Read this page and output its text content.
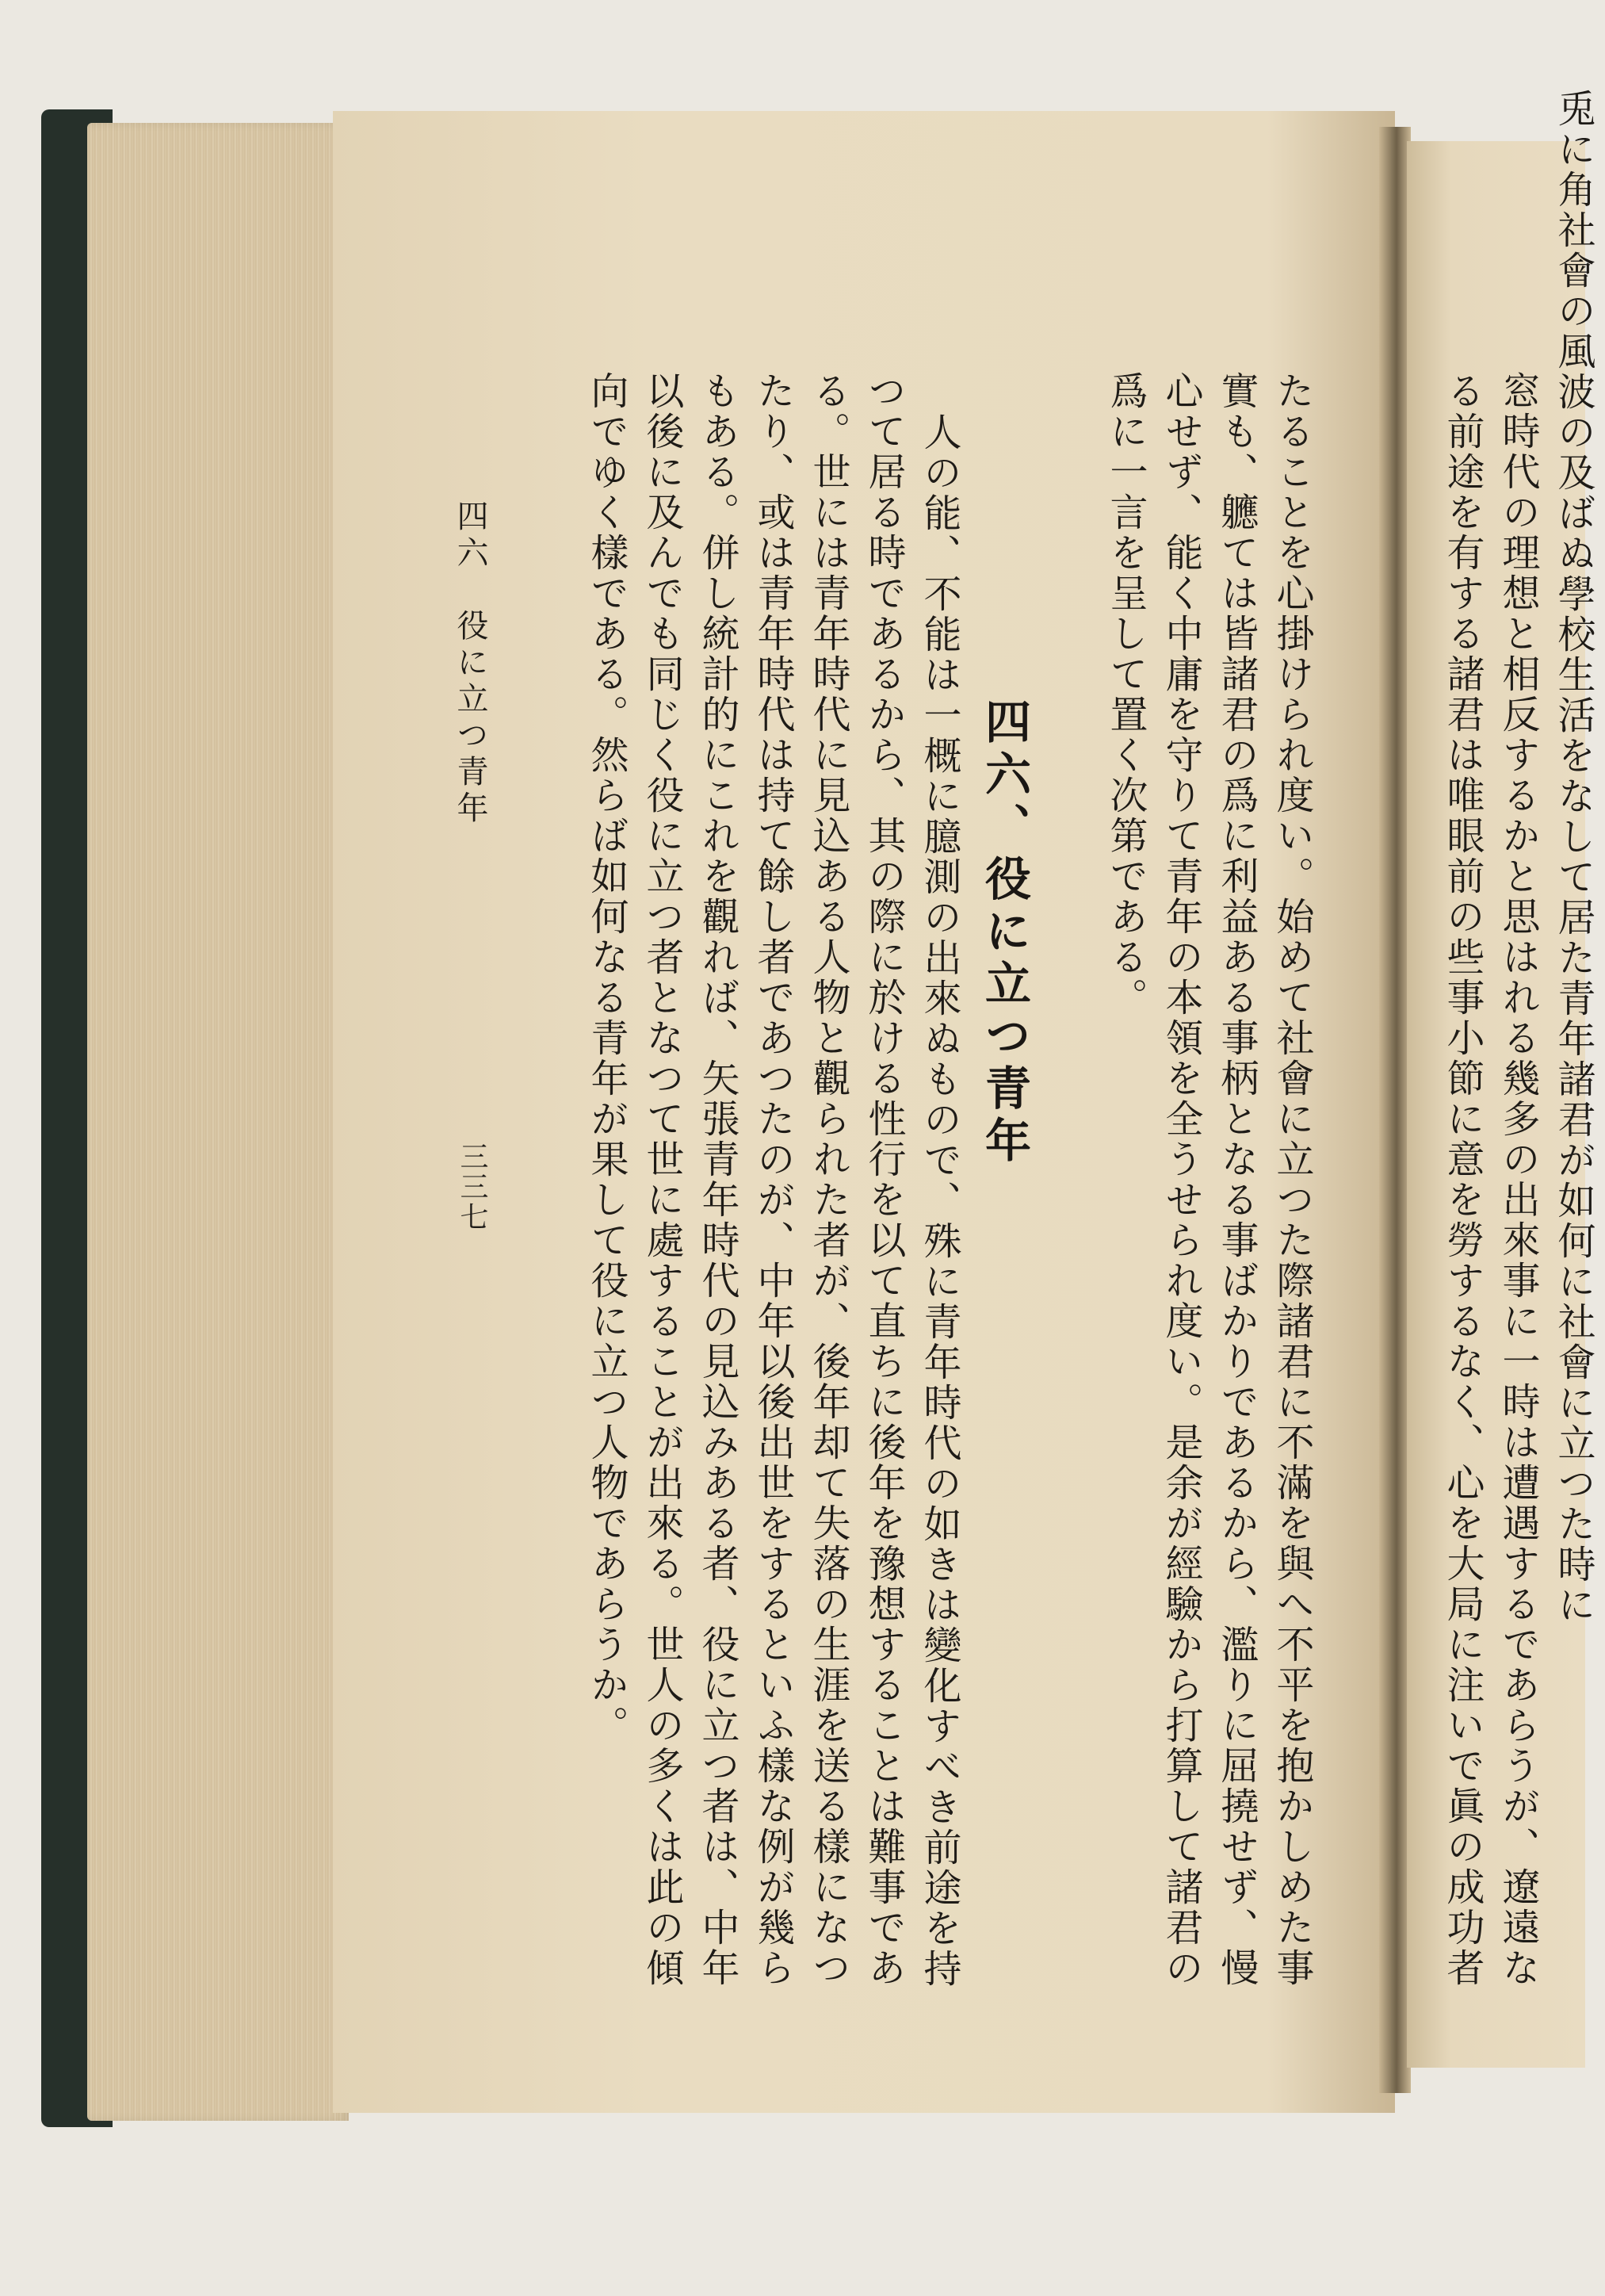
兎に角社會の風波の及ばぬ學校生活をなして居た青年諸君が如何に社會に立つた時に
窓時代の理想と相反するかと思はれる幾多の出來事に一時は遭遇するであらうが、遼遠な
る前途を有する諸君は唯眼前の些事小節に意を勞するなく、心を大局に注いで眞の成功者
たることを心掛けられ度い。始めて社會に立つた際諸君に不滿を與へ不平を抱かしめた事
實も、軈ては皆諸君の爲に利益ある事柄となる事ばかりであるから、濫りに屈撓せず、慢
心せず、能く中庸を守りて青年の本領を全うせられ度い。是余が經驗から打算して諸君の
爲に一言を呈して置く次第である。
四六、役に立つ青年
人の能、不能は一概に臆測の出來ぬもので、殊に青年時代の如きは變化すべき前途を持
つて居る時であるから、其の際に於ける性行を以て直ちに後年を豫想することは難事であ
る。世には青年時代に見込ある人物と觀られた者が、後年却て失落の生涯を送る樣になつ
たり、或は青年時代は持て餘し者であつたのが、中年以後出世をするといふ樣な例が幾ら
もある。併し統計的にこれを觀れば、矢張青年時代の見込みある者、役に立つ者は、中年
以後に及んでも同じく役に立つ者となつて世に處することが出來る。世人の多くは此の傾
向でゆく樣である。然らば如何なる青年が果して役に立つ人物であらうか。
四六　役に立つ青年
三三七
